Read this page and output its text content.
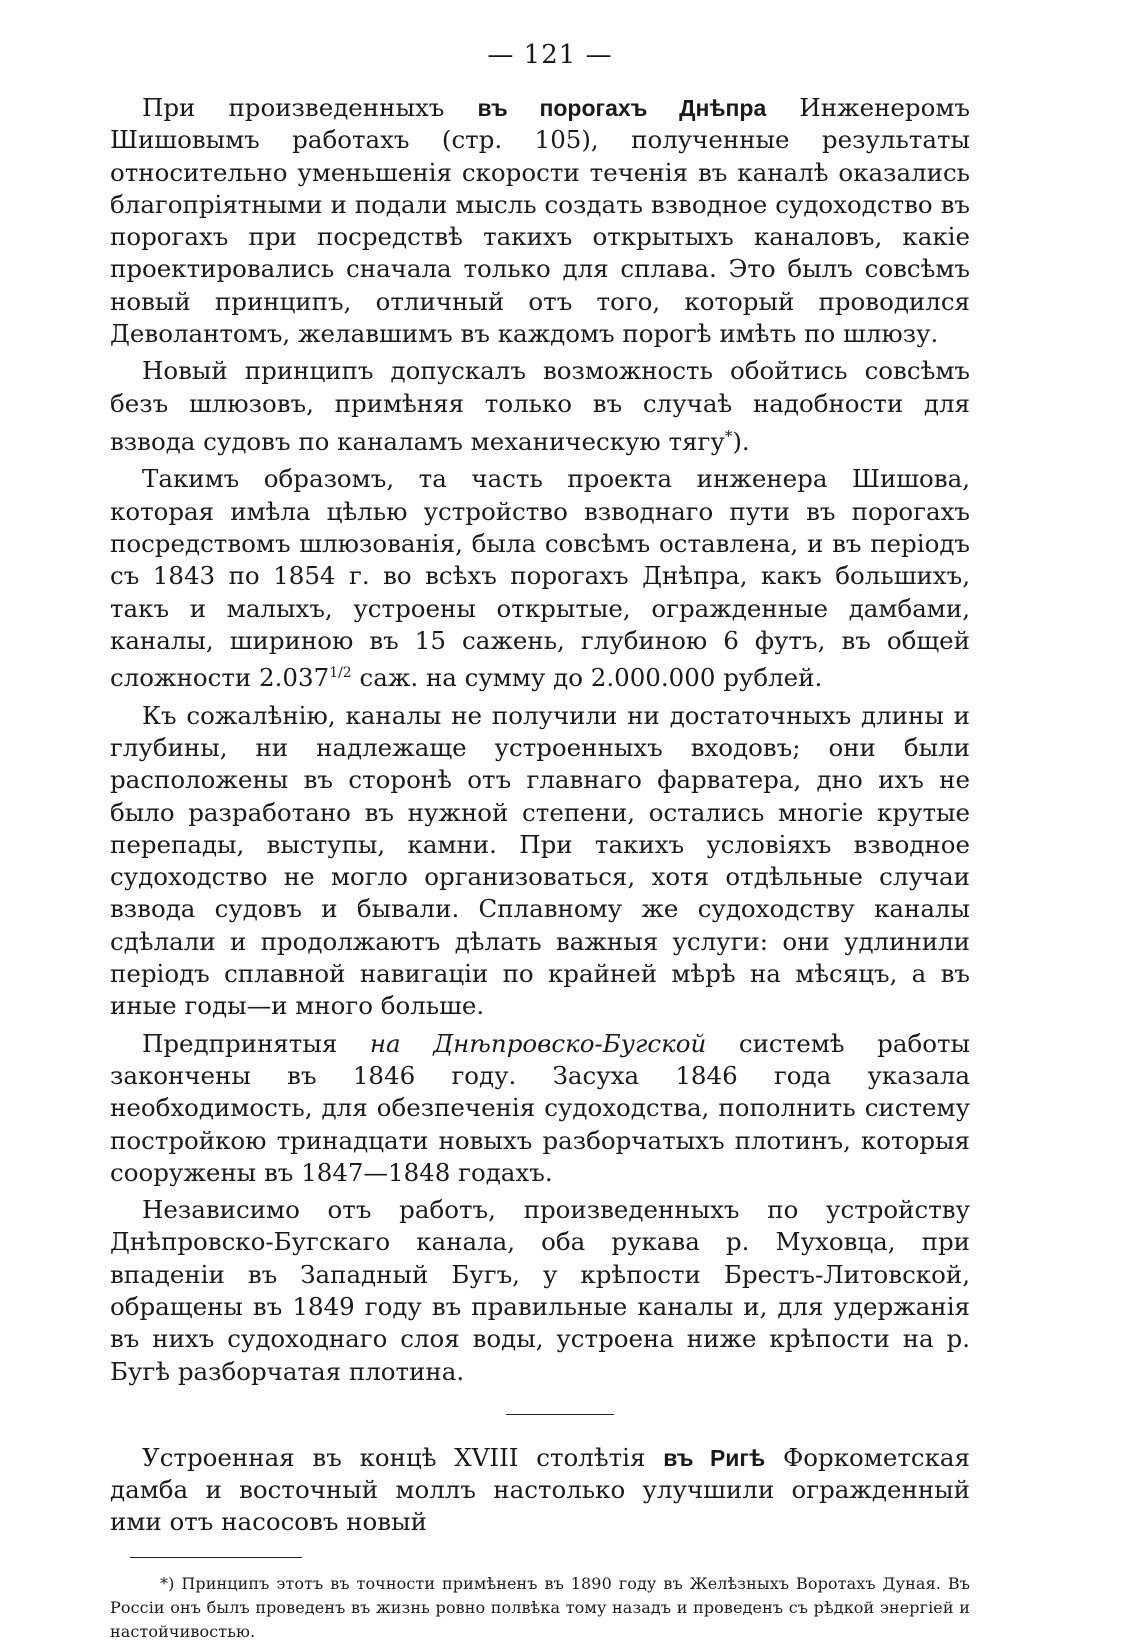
— 121 —

При произведенныхъ въ порогахъ Днѣпра Инженеромъ Шишовымъ работахъ (стр. 105), полученные результаты относительно уменьшенія скорости теченія въ каналѣ оказались благопріятными и подали мысль создать взводное судоходство въ порогахъ при посредствѣ такихъ открытыхъ каналовъ, какіе проектировались сначала только для сплава. Это былъ совсѣмъ новый принципъ, отличный отъ того, который проводился Деволантомъ, желавшимъ въ каждомъ порогѣ имѣть по шлюзу.

Новый принципъ допускалъ возможность обойтись совсѣмъ безъ шлюзовъ, примѣняя только въ случаѣ надобности для взвода судовъ по каналамъ механическую тягу*).

Такимъ образомъ, та часть проекта инженера Шишова, которая имѣла цѣлью устройство взводнаго пути въ порогахъ посредствомъ шлюзованія, была совсѣмъ оставлена, и въ періодъ съ 1843 по 1854 г. во всѣхъ порогахъ Днѣпра, какъ большихъ, такъ и малыхъ, устроены открытые, огражденные дамбами, каналы, шириною въ 15 сажень, глубиною 6 футъ, въ общей сложности $2.037^{1/2}$ саж. на сумму до 2.000.000 рублей.

Къ сожалѣнію, каналы не получили ни достаточныхъ длины и глубины, ни надлежаще устроенныхъ входовъ; они были расположены въ сторонѣ отъ главнаго фарватера, дно ихъ не было разработано въ нужной степени, остались многіе крутые перепады, выступы, камни. При такихъ условіяхъ взводное судоходство не могло организоваться, хотя отдѣльные случаи взвода судовъ и бывали. Сплавному же судоходству каналы сдѣлали и продолжаютъ дѣлать важныя услуги: они удлинили періодъ сплавной навигаціи по крайней мѣрѣ на мѣсяцъ, а въ иные годы—и много больше.

Предпринятыя на Днѣпровско-Бугской системѣ работы закончены въ 1846 году. Засуха 1846 года указала необходимость, для обезпеченія судоходства, пополнить систему постройкою тринадцати новыхъ разборчатыхъ плотинъ, которыя сооружены въ 1847—1848 годахъ.

Независимо отъ работъ, произведенныхъ по устройству Днѣпровско-Бугскаго канала, оба рукава р. Муховца, при впаденіи въ Западный Бугъ, у крѣпости Брестъ-Литовской, обращены въ 1849 году въ правильные каналы и, для удержанія въ нихъ судоходнаго слоя воды, устроена ниже крѣпости на р. Бугѣ разборчатая плотина.

Устроенная въ концѣ XVIII столѣтія въ Ригѣ Форкометская дамба и восточный моллъ настолько улучшили огражденный ими отъ насосовъ новый

*) Принципъ этотъ въ точности примѣненъ въ 1890 году въ Желѣзныхъ Воротахъ Дуная. Въ Россіи онъ былъ проведенъ въ жизнь ровно полвѣка тому назадъ и проведенъ съ рѣдкой энергіей и настойчивостью.
